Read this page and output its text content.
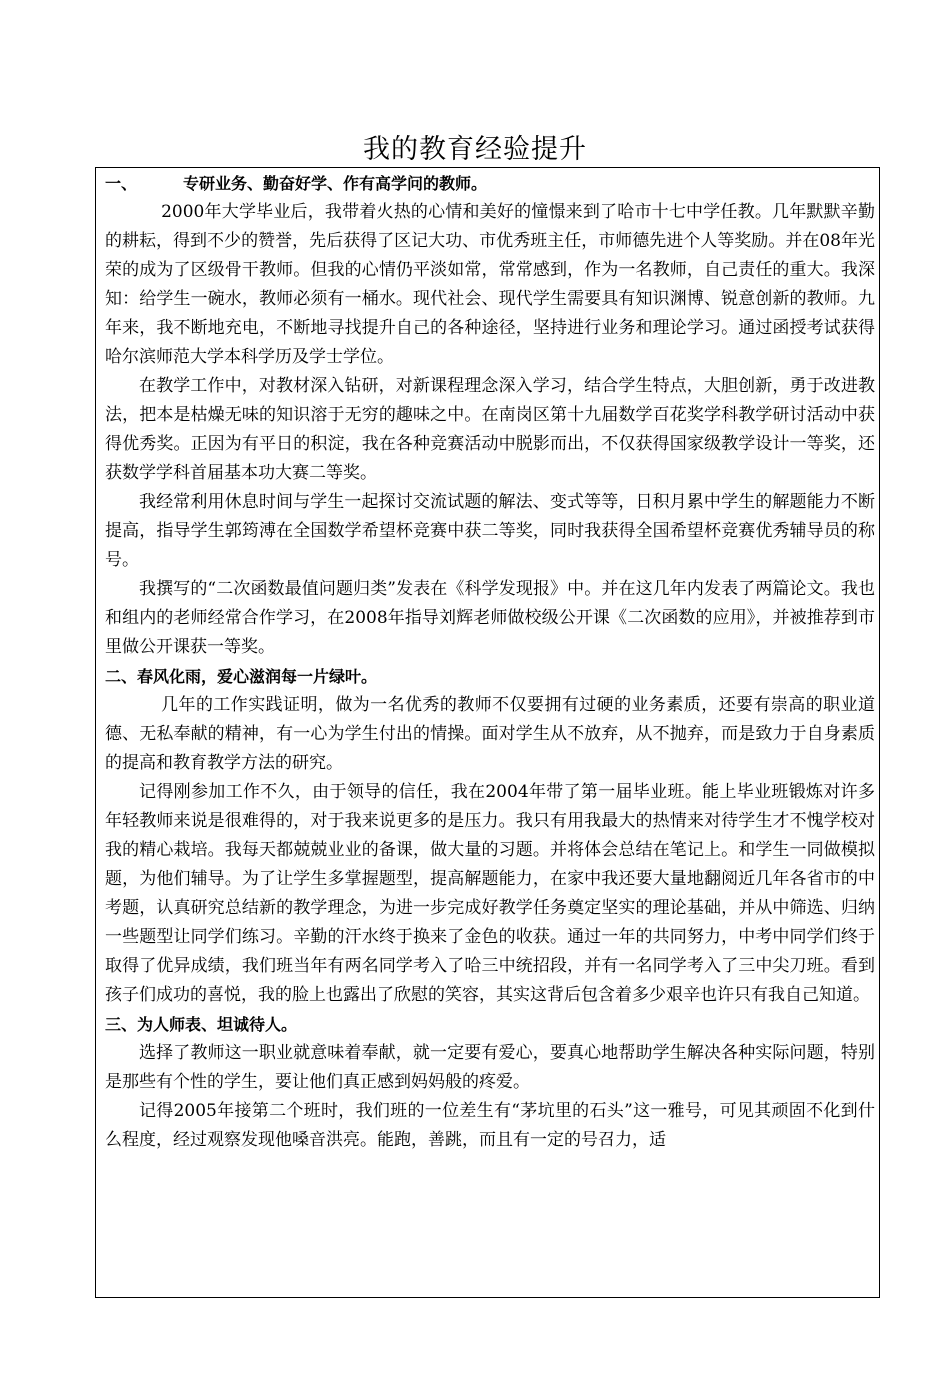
我的教育经验提升

一、	专研业务、勤奋好学、作有高学问的教师。

2000年大学毕业后，我带着火热的心情和美好的憧憬来到了哈市十七中学任教。几年默默辛勤的耕耘，得到不少的赞誉，先后获得了区记大功、市优秀班主任，市师德先进个人等奖励。并在08年光荣的成为了区级骨干教师。但我的心情仍平淡如常，常常感到，作为一名教师，自己责任的重大。我深知：给学生一碗水，教师必须有一桶水。现代社会、现代学生需要具有知识渊博、锐意创新的教师。九年来，我不断地充电，不断地寻找提升自己的各种途径，坚持进行业务和理论学习。通过函授考试获得哈尔滨师范大学本科学历及学士学位。

在教学工作中，对教材深入钻研，对新课程理念深入学习，结合学生特点，大胆创新，勇于改进教法，把本是枯燥无味的知识溶于无穷的趣味之中。在南岗区第十九届数学百花奖学科教学研讨活动中获得优秀奖。正因为有平日的积淀，我在各种竞赛活动中脱影而出，不仅获得国家级教学设计一等奖，还获数学学科首届基本功大赛二等奖。

我经常利用休息时间与学生一起探讨交流试题的解法、变式等等，日积月累中学生的解题能力不断提高，指导学生郭筠溥在全国数学希望杯竞赛中获二等奖，同时我获得全国希望杯竞赛优秀辅导员的称号。

我撰写的“二次函数最值问题归类”发表在《科学发现报》中。并在这几年内发表了两篇论文。我也和组内的老师经常合作学习，在2008年指导刘辉老师做校级公开课《二次函数的应用》，并被推荐到市里做公开课获一等奖。

二、春风化雨，爱心滋润每一片绿叶。

几年的工作实践证明，做为一名优秀的教师不仅要拥有过硬的业务素质，还要有崇高的职业道德、无私奉献的精神，有一心为学生付出的情操。面对学生从不放弃，从不抛弃，而是致力于自身素质的提高和教育教学方法的研究。

记得刚参加工作不久，由于领导的信任，我在2004年带了第一届毕业班。能上毕业班锻炼对许多年轻教师来说是很难得的，对于我来说更多的是压力。我只有用我最大的热情来对待学生才不愧学校对我的精心栽培。我每天都兢兢业业的备课，做大量的习题。并将体会总结在笔记上。和学生一同做模拟题，为他们辅导。为了让学生多掌握题型，提高解题能力，在家中我还要大量地翻阅近几年各省市的中考题，认真研究总结新的教学理念，为进一步完成好教学任务奠定坚实的理论基础，并从中筛选、归纳一些题型让同学们练习。辛勤的汗水终于换来了金色的收获。通过一年的共同努力，中考中同学们终于取得了优异成绩，我们班当年有两名同学考入了哈三中统招段，并有一名同学考入了三中尖刀班。看到孩子们成功的喜悦，我的脸上也露出了欣慰的笑容，其实这背后包含着多少艰辛也许只有我自己知道。

三、为人师表、坦诚待人。

选择了教师这一职业就意味着奉献，就一定要有爱心，要真心地帮助学生解决各种实际问题，特别是那些有个性的学生，要让他们真正感到妈妈般的疼爱。

记得2005年接第二个班时，我们班的一位差生有“茅坑里的石头”这一雅号，可见其顽固不化到什么程度，经过观察发现他嗓音洪亮。能跑，善跳，而且有一定的号召力，适
